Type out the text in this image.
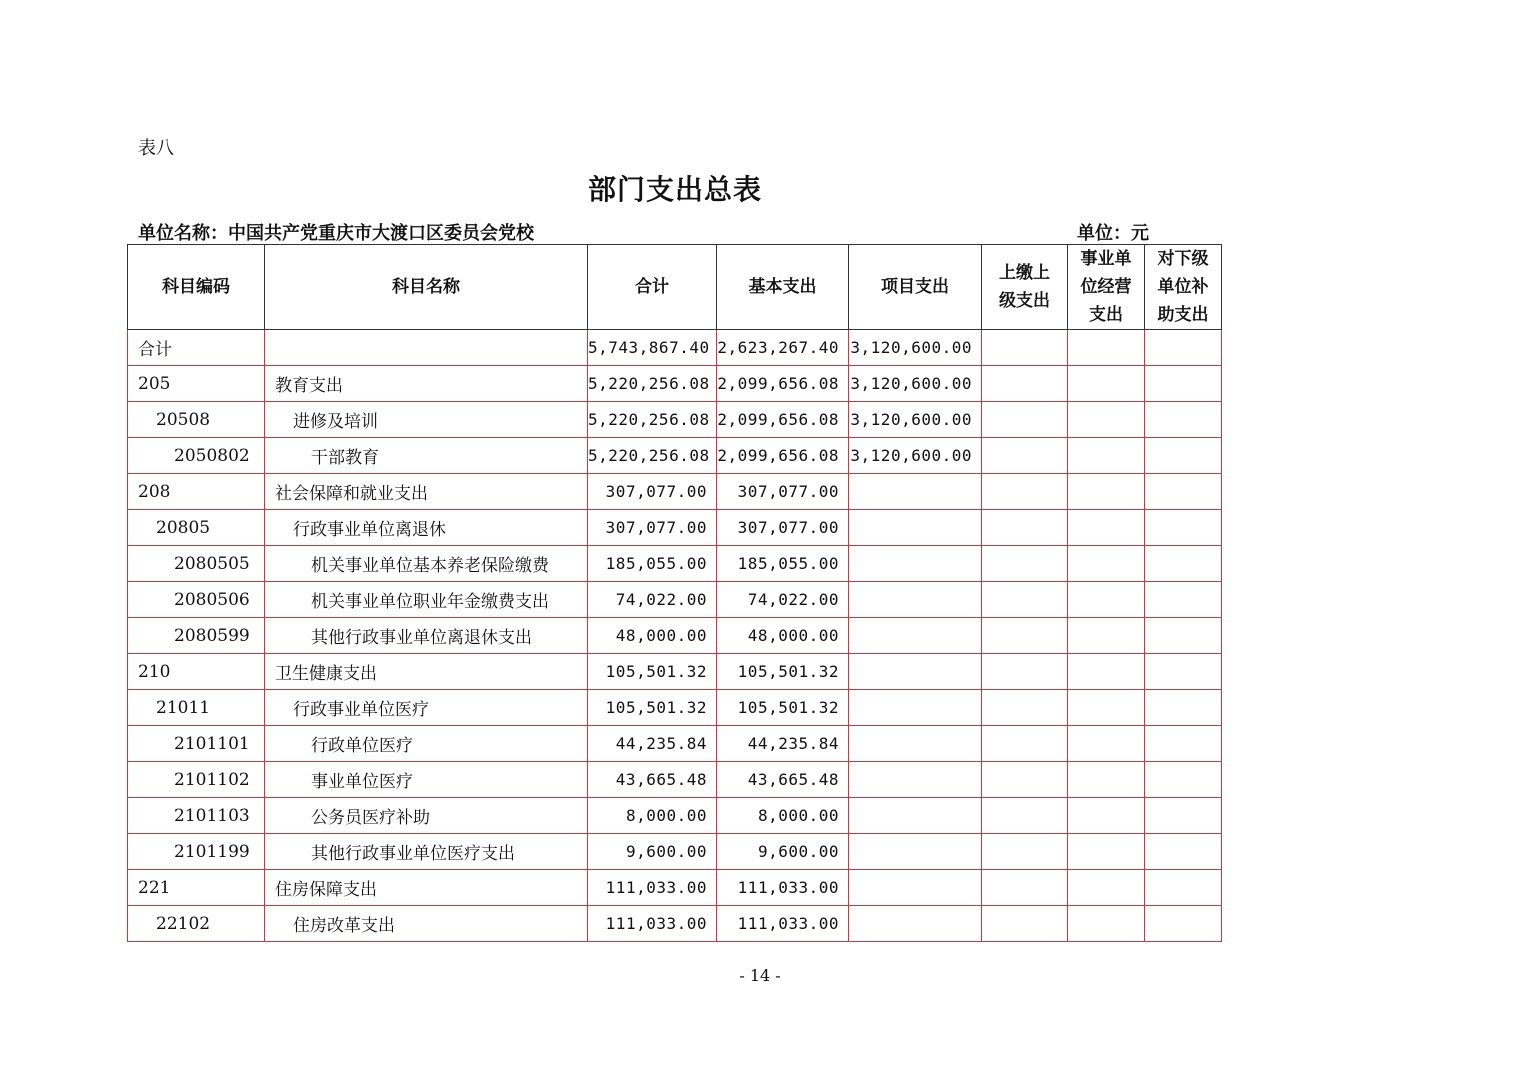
表八
部门支出总表
单位名称：中国共产党重庆市大渡口区委员会党校	单位：元
科目编码	科目名称	合计	基本支出	项目支出	上缴上级支出	事业单位经营支出	对下级单位补助支出
合计		5,743,867.40	2,623,267.40	3,120,600.00			
205	教育支出	5,220,256.08	2,099,656.08	3,120,600.00			
20508	进修及培训	5,220,256.08	2,099,656.08	3,120,600.00			
2050802	干部教育	5,220,256.08	2,099,656.08	3,120,600.00			
208	社会保障和就业支出	307,077.00	307,077.00				
20805	行政事业单位离退休	307,077.00	307,077.00				
2080505	机关事业单位基本养老保险缴费	185,055.00	185,055.00				
2080506	机关事业单位职业年金缴费支出	74,022.00	74,022.00				
2080599	其他行政事业单位离退休支出	48,000.00	48,000.00				
210	卫生健康支出	105,501.32	105,501.32				
21011	行政事业单位医疗	105,501.32	105,501.32				
2101101	行政单位医疗	44,235.84	44,235.84				
2101102	事业单位医疗	43,665.48	43,665.48				
2101103	公务员医疗补助	8,000.00	8,000.00				
2101199	其他行政事业单位医疗支出	9,600.00	9,600.00				
221	住房保障支出	111,033.00	111,033.00				
22102	住房改革支出	111,033.00	111,033.00				
- 14 -
